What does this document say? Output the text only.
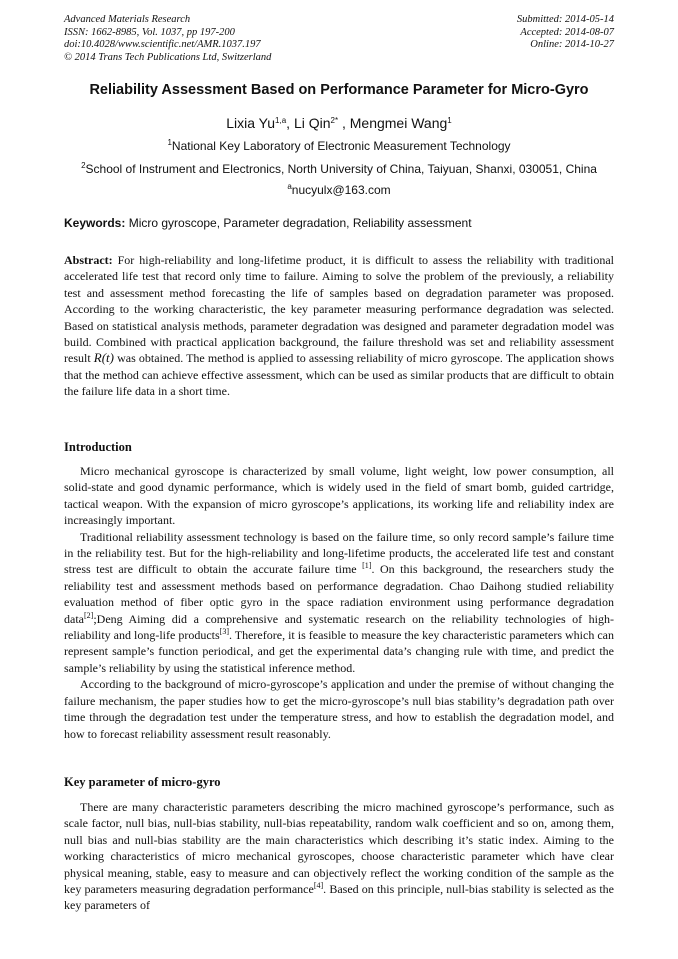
Advanced Materials Research
ISSN: 1662-8985, Vol. 1037, pp 197-200
doi:10.4028/www.scientific.net/AMR.1037.197
© 2014 Trans Tech Publications Ltd, Switzerland
Submitted: 2014-05-14
Accepted: 2014-08-07
Online: 2014-10-27
Reliability Assessment Based on Performance Parameter for Micro-Gyro
Lixia Yu$^{1,a}$, Li Qin$^{2*}$ , Mengmei Wang$^1$
$^1$National Key Laboratory of Electronic Measurement Technology
$^2$School of Instrument and Electronics, North University of China, Taiyuan, Shanxi, 030051, China
$^a$nucyulx@163.com
Keywords: Micro gyroscope, Parameter degradation, Reliability assessment

Abstract: For high-reliability and long-lifetime product, it is difficult to assess the reliability with traditional accelerated life test that record only time to failure. Aiming to solve the problem of the previously, a reliability test and assessment method forecasting the life of samples based on degradation parameter was proposed. According to the working characteristic, the key parameter measuring performance degradation was selected. Based on statistical analysis methods, parameter degradation was designed and parameter degradation model was build. Combined with practical application background, the failure threshold was set and reliability assessment result R(t) was obtained. The method is applied to assessing reliability of micro gyroscope. The application shows that the method can achieve effective assessment, which can be used as similar products that are difficult to obtain the failure life data in a short time.

Introduction

Micro mechanical gyroscope is characterized by small volume, light weight, low power consumption, all solid-state and good dynamic performance, which is widely used in the field of smart bomb, guided cartridge, tactical weapon. With the expansion of micro gyroscope’s applications, its working life and reliability index are increasingly important.

Traditional reliability assessment technology is based on the failure time, so only record sample’s failure time in the reliability test. But for the high-reliability and long-lifetime products, the accelerated life test and constant stress test are difficult to obtain the accurate failure time [1]. On this background, the researchers study the reliability test and assessment methods based on performance degradation. Chao Daihong studied reliability evaluation method of fiber optic gyro in the space radiation environment using performance degradation data[2];Deng Aiming did a comprehensive and systematic research on the reliability technologies of high-reliability and long-life products[3]. Therefore, it is feasible to measure the key characteristic parameters which can represent sample’s function periodical, and get the experimental data’s changing rule with time, and predict the sample’s reliability by using the statistical inference method.

According to the background of micro-gyroscope’s application and under the premise of without changing the failure mechanism, the paper studies how to get the micro-gyroscope’s null bias stability’s degradation path over time through the degradation test under the temperature stress, and how to establish the degradation model, and how to forecast reliability assessment result reasonably.

Key parameter of micro-gyro

There are many characteristic parameters describing the micro machined gyroscope’s performance, such as scale factor, null bias, null-bias stability, null-bias repeatability, random walk coefficient and so on, among them, null bias and null-bias stability are the main characteristics which describing it’s static index. Aiming to the working characteristics of micro mechanical gyroscopes, choose characteristic parameter which have clear physical meaning, stable, easy to measure and can objectively reflect the working condition of the sample as the key parameters measuring degradation performance[4]. Based on this principle, null-bias stability is selected as the key parameters of
